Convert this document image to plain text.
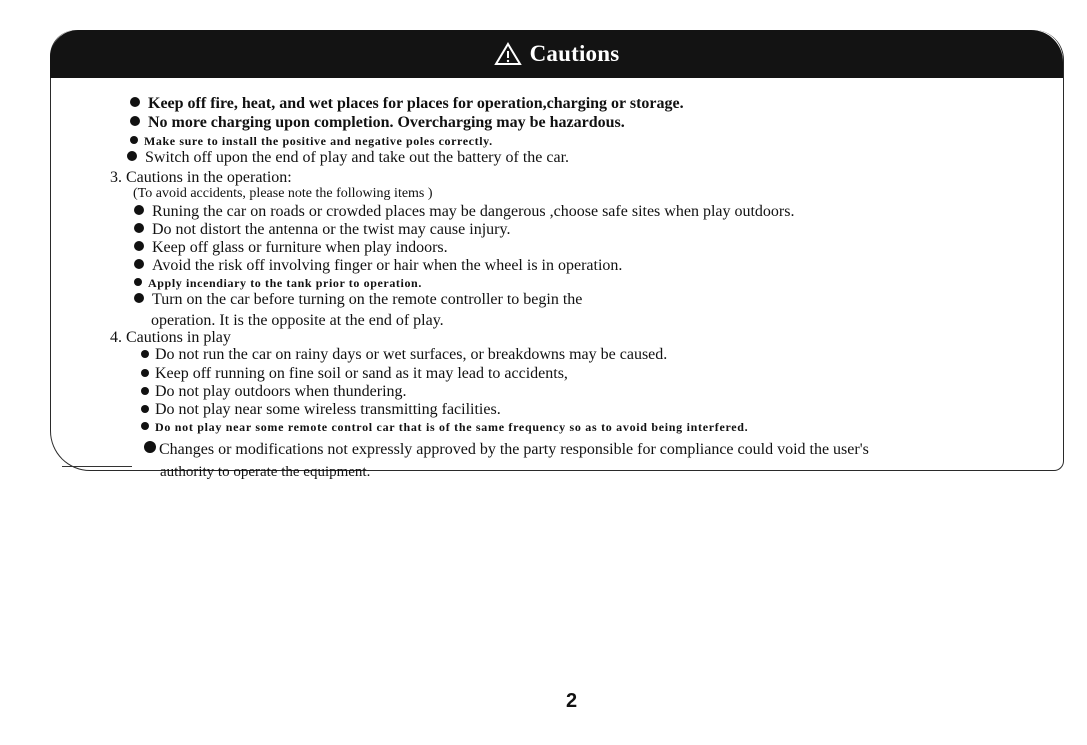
Cautions
Keep off fire, heat, and wet places for places for operation,charging or storage.
No more charging upon completion. Overcharging may be hazardous.
Make sure to install the positive and negative poles correctly.
Switch off upon the end of play and take out the battery of the car.
3. Cautions in the operation:
(To avoid accidents, please note the following items )
Runing the car on roads or crowded places may be dangerous ,choose safe sites when play outdoors.
Do not distort the antenna or the twist may cause injury.
Keep off glass or furniture when play indoors.
Avoid the risk off involving finger or hair when the wheel is in operation.
Apply incendiary to the tank prior to operation.
Turn on the car before turning on the remote controller to begin the
operation. It is the opposite at the end of play.
4. Cautions in play
Do not run the car on rainy days or wet surfaces, or breakdowns may be caused.
Keep off running on fine soil or sand as it may lead to accidents,
Do not play outdoors when thundering.
Do not play near some wireless transmitting facilities.
Do not play near some remote control car that is of the same frequency so as to avoid being interfered.
Changes or modifications not expressly approved by the party responsible for compliance could void the user's
authority to operate the equipment.
2
